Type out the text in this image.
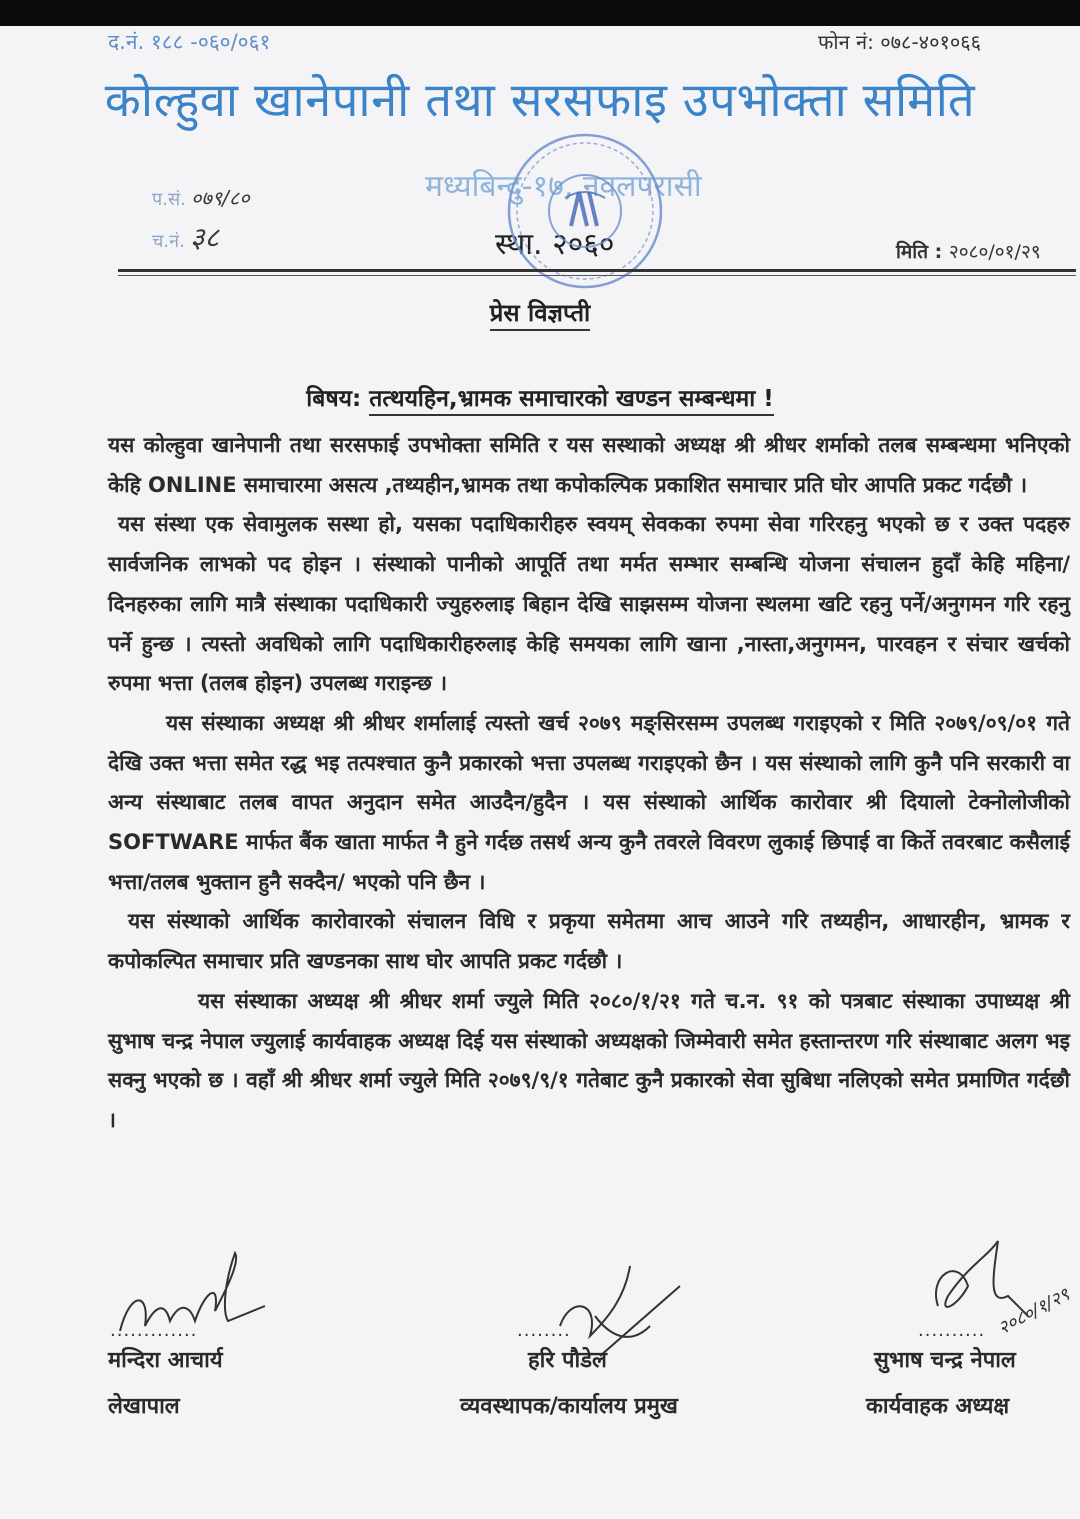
द.नं. १८८ -०६०/०६१	फोन नं: ०७८-४०१०६६
कोल्हुवा खानेपानी तथा सरसफाइ उपभोक्ता समिति
मध्यबिन्दु-१७, नवलपरासी
स्था. २०६०
प.सं. ०७९/८०
च.नं. ३८	मिति : २०८०/०१/२९
प्रेस विज्ञप्ती
बिषय: तत्थयहिन,भ्रामक समाचारको खण्डन सम्बन्धमा !

यस कोल्हुवा खानेपानी तथा सरसफाई उपभोक्ता समिति र यस सस्थाको अध्यक्ष श्री श्रीधर शर्माको तलब सम्बन्धमा भनिएको केहि ONLINE समाचारमा असत्य ,तथ्यहीन,भ्रामक तथा कपोकल्पिक प्रकाशित समाचार प्रति घोर आपति प्रकट गर्दछौ ।

यस संस्था एक सेवामुलक सस्था हो, यसका पदाधिकारीहरु स्वयम् सेवकका रुपमा सेवा गरिरहनु भएको छ र उक्त पदहरु सार्वजनिक लाभको पद होइन । संस्थाको पानीको आपूर्ति तथा मर्मत सम्भार सम्बन्धि योजना संचालन हुदाँ केहि महिना/दिनहरुका लागि मात्रै संस्थाका पदाधिकारी ज्युहरुलाइ बिहान देखि साझसम्म योजना स्थलमा खटि रहनु पर्ने/अनुगमन गरि रहनु पर्ने हुन्छ । त्यस्तो अवधिको लागि पदाधिकारीहरुलाइ केहि समयका लागि खाना ,नास्ता,अनुगमन, पारवहन र संचार खर्चको रुपमा भत्ता (तलब होइन) उपलब्ध गराइन्छ ।

यस संस्थाका अध्यक्ष श्री श्रीधर शर्मालाई त्यस्तो खर्च २०७९ मङ्सिरसम्म उपलब्ध गराइएको र मिति २०७९/०९/०१ गते देखि उक्त भत्ता समेत रद्ध भइ तत्पश्चात कुनै प्रकारको भत्ता उपलब्ध गराइएको छैन । यस संस्थाको लागि कुनै पनि सरकारी वा अन्य संस्थाबाट तलब वापत अनुदान समेत आउदैन/हुदैन । यस संस्थाको आर्थिक कारोवार श्री दियालो टेक्नोलोजीको SOFTWARE मार्फत बैंक खाता मार्फत नै हुने गर्दछ तसर्थ अन्य कुनै तवरले विवरण लुकाई छिपाई वा किर्ते तवरबाट कसैलाई भत्ता/तलब भुक्तान हुनै सक्दैन/ भएको पनि छैन ।

यस संस्थाको आर्थिक कारोवारको संचालन विधि र प्रकृया समेतमा आच आउने गरि तथ्यहीन, आधारहीन, भ्रामक र कपोकल्पित समाचार प्रति खण्डनका साथ घोर आपति प्रकट गर्दछौ ।

यस संस्थाका अध्यक्ष श्री श्रीधर शर्मा ज्युले मिति २०८०/१/२१ गते च.न. ९१ को पत्रबाट संस्थाका उपाध्यक्ष श्री सुभाष चन्द्र नेपाल ज्युलाई कार्यवाहक अध्यक्ष दिई यस संस्थाको अध्यक्षको जिम्मेवारी समेत हस्तान्तरण गरि संस्थाबाट अलग भइ सक्नु भएको छ । वहाँ श्री श्रीधर शर्मा ज्युले मिति २०७९/९/१ गतेबाट कुनै प्रकारको सेवा सुबिधा नलिएको समेत प्रमाणित गर्दछौ ।

.............
मन्दिरा आचार्य
लेखापाल
........
हरि पौडेल
व्यवस्थापक/कार्यालय प्रमुख
२०८०/१/२९
..........
सुभाष चन्द्र नेपाल
कार्यवाहक अध्यक्ष
